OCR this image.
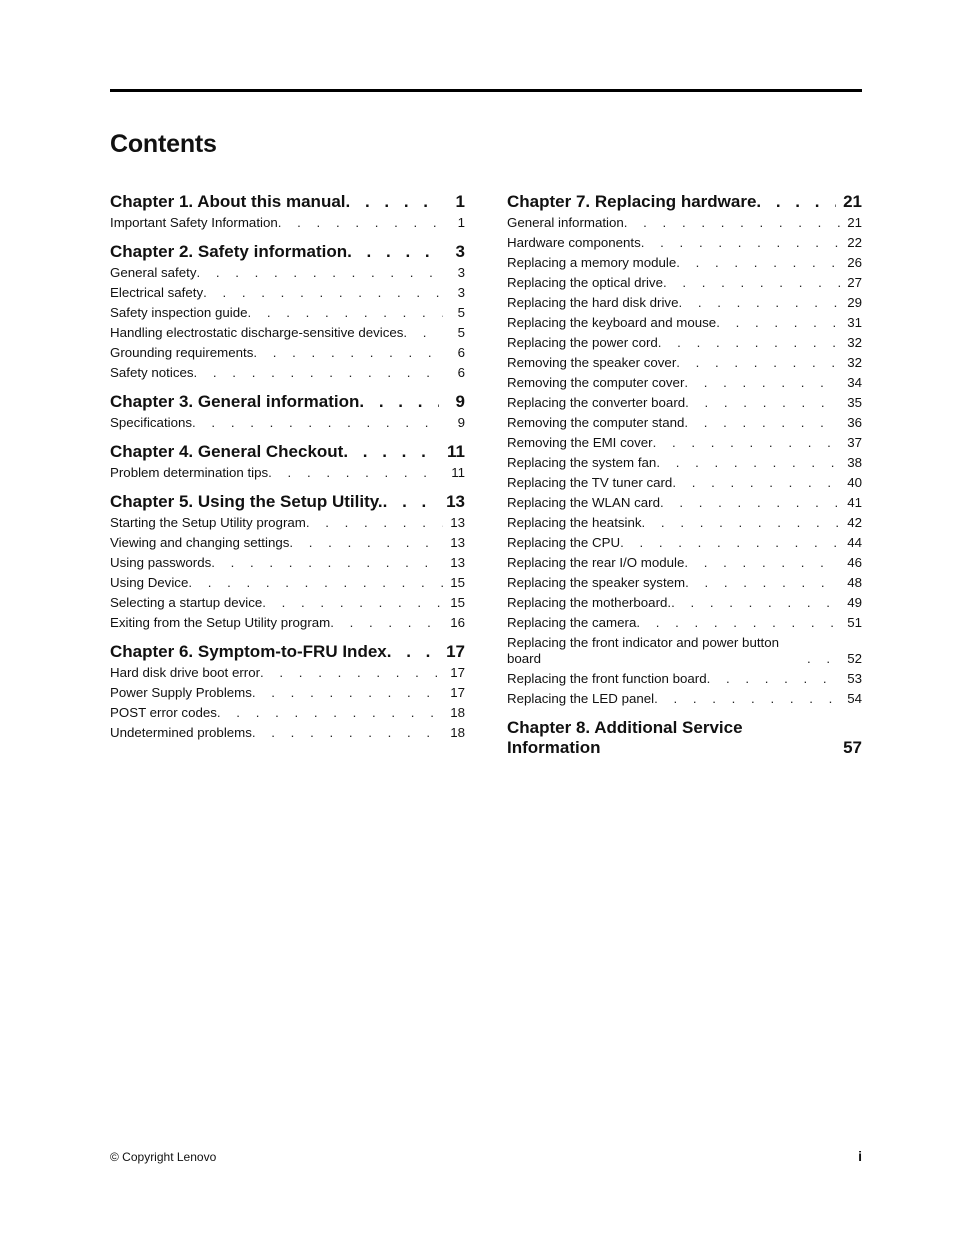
Contents
Chapter 1. About this manual . . .	1
Important Safety Information . . .	1
Chapter 2. Safety information . . .	3
General safety . . .	3
Electrical safety . . .	3
Safety inspection guide . . .	5
Handling electrostatic discharge-sensitive devices . . .	5
Grounding requirements . . .	6
Safety notices . . .	6
Chapter 3. General information . . .	9
Specifications . . .	9
Chapter 4. General Checkout . . .	11
Problem determination tips . . .	11
Chapter 5. Using the Setup Utility. . . .	13
Starting the Setup Utility program . . .	13
Viewing and changing settings . . .	13
Using passwords . . .	13
Using Device . . .	15
Selecting a startup device . . .	15
Exiting from the Setup Utility program . . .	16
Chapter 6. Symptom-to-FRU Index . . .	17
Hard disk drive boot error . . .	17
Power Supply Problems . . .	17
POST error codes . . .	18
Undetermined problems . . .	18
Chapter 7. Replacing hardware . . .	21
General information . . .	21
Hardware components . . .	22
Replacing a memory module . . .	26
Replacing the optical drive . . .	27
Replacing the hard disk drive . . .	29
Replacing the keyboard and mouse . . .	31
Replacing the power cord . . .	32
Removing the speaker cover . . .	32
Removing the computer cover . . .	34
Replacing the converter board . . .	35
Removing the computer stand . . .	36
Removing the EMI cover . . .	37
Replacing the system fan . . .	38
Replacing the TV tuner card . . .	40
Replacing the WLAN card . . .	41
Replacing the heatsink . . .	42
Replacing the CPU . . .	44
Replacing the rear I/O module . . .	46
Replacing the speaker system . . .	48
Replacing the motherboard. . . .	49
Replacing the camera . . .	51
Replacing the front indicator and power button board . . .	52
Replacing the front function board . . .	53
Replacing the LED panel . . .	54
Chapter 8. Additional Service Information	57
© Copyright Lenovo	i
